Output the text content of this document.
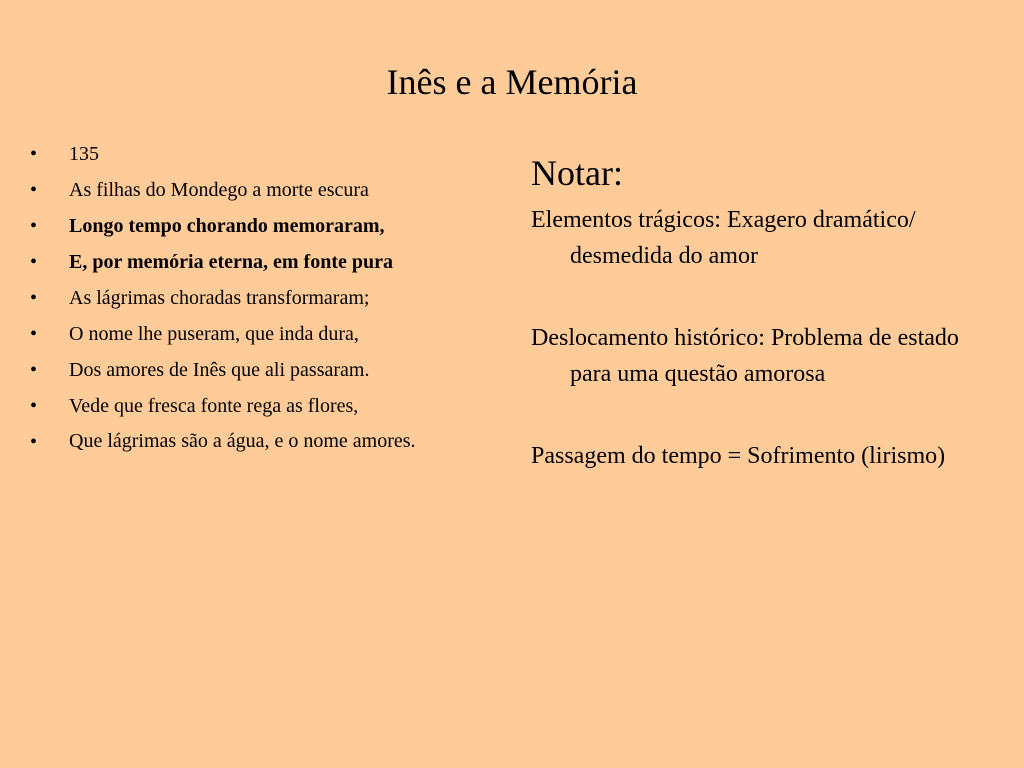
Inês e a Memória
• 135
• As filhas do Mondego a morte escura
• Longo tempo chorando memoraram,
• E, por memória eterna, em fonte pura
• As lágrimas choradas transformaram;
• O nome lhe puseram, que inda dura,
• Dos amores de Inês que ali passaram.
• Vede que fresca fonte rega as flores,
• Que lágrimas são a água, e o nome amores.
Notar:

Elementos trágicos: Exagero dramático/ desmedida do amor

Deslocamento histórico: Problema de estado para uma questão amorosa

Passagem do tempo = Sofrimento (lirismo)
